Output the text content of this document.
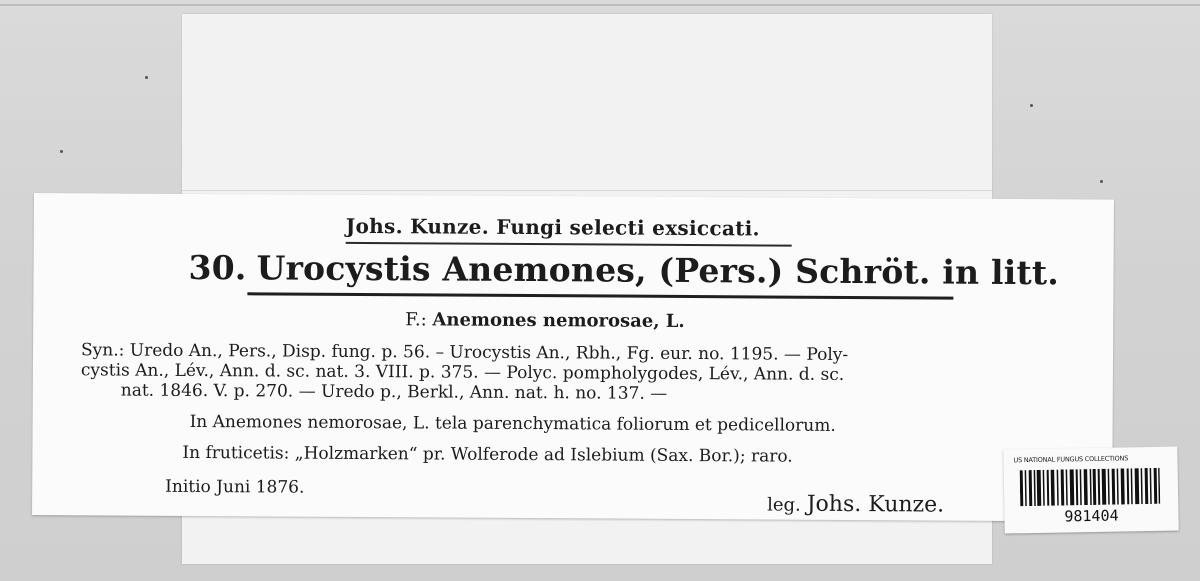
Johs. Kunze. Fungi selecti exsiccati.
30. Urocystis Anemones, (Pers.) Schröt. in litt.
F.: Anemones nemorosae, L.
Syn.: Uredo An., Pers., Disp. fung. p. 56. – Urocystis An., Rbh., Fg. eur. no. 1195. — Poly-
cystis An., Lév., Ann. d. sc. nat. 3. VIII. p. 375. — Polyc. pompholygodes, Lév., Ann. d. sc.
nat. 1846. V. p. 270. — Uredo p., Berkl., Ann. nat. h. no. 137. —
In Anemones nemorosae, L. tela parenchymatica foliorum et pedicellorum.
In fruticetis: „Holzmarken“ pr. Wolferode ad Islebium (Sax. Bor.); raro.
Initio Juni 1876.
leg. Johs. Kunze.
US NATIONAL FUNGUS COLLECTIONS
981404
